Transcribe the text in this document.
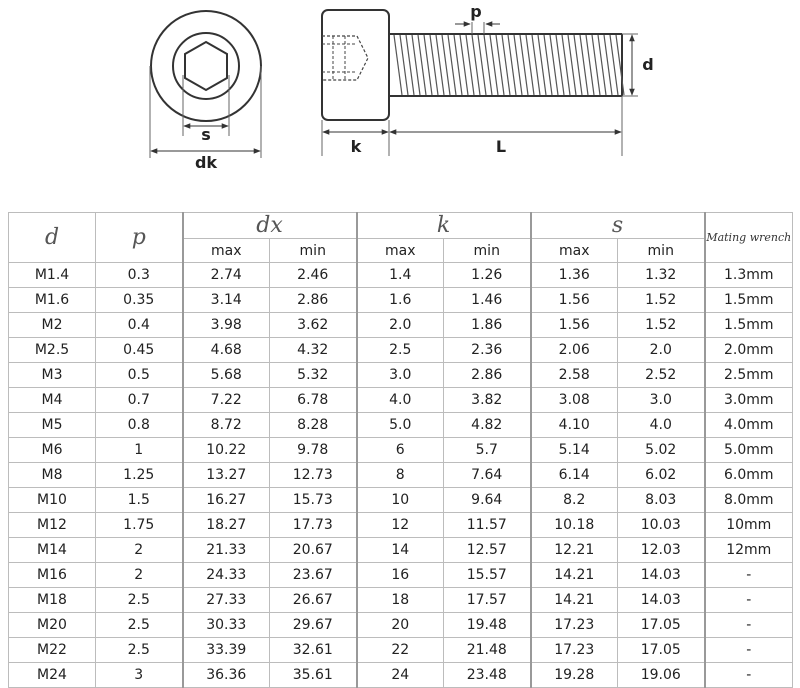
s
dk
p
d
k	L
d	p	dx		k		s		Mating wrench
		max	min	max	min	max	min	
M1.4	0.3	2.74	2.46	1.4	1.26	1.36	1.32	1.3mm
M1.6	0.35	3.14	2.86	1.6	1.46	1.56	1.52	1.5mm
M2	0.4	3.98	3.62	2.0	1.86	1.56	1.52	1.5mm
M2.5	0.45	4.68	4.32	2.5	2.36	2.06	2.0	2.0mm
M3	0.5	5.68	5.32	3.0	2.86	2.58	2.52	2.5mm
M4	0.7	7.22	6.78	4.0	3.82	3.08	3.0	3.0mm
M5	0.8	8.72	8.28	5.0	4.82	4.10	4.0	4.0mm
M6	1	10.22	9.78	6	5.7	5.14	5.02	5.0mm
M8	1.25	13.27	12.73	8	7.64	6.14	6.02	6.0mm
M10	1.5	16.27	15.73	10	9.64	8.2	8.03	8.0mm
M12	1.75	18.27	17.73	12	11.57	10.18	10.03	10mm
M14	2	21.33	20.67	14	12.57	12.21	12.03	12mm
M16	2	24.33	23.67	16	15.57	14.21	14.03	-
M18	2.5	27.33	26.67	18	17.57	14.21	14.03	-
M20	2.5	30.33	29.67	20	19.48	17.23	17.05	-
M22	2.5	33.39	32.61	22	21.48	17.23	17.05	-
M24	3	36.36	35.61	24	23.48	19.28	19.06	-
